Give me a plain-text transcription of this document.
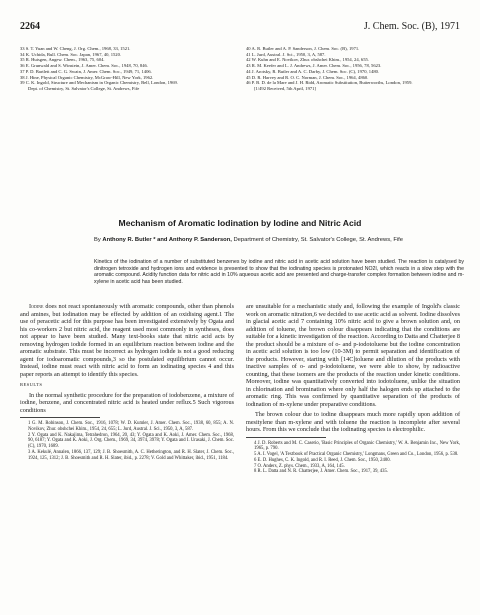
2264	J. Chem. Soc. (B), 1971
33 S. T. Yuan and W. Cheng, J. Org. Chem., 1968, 33, 1521.
34 K. Uchida, Bull. Chem. Soc. Japan, 1967, 40, 1520.
35 R. Huisgen, Angew. Chem., 1963, 75, 604.
36 E. Grunwald and S. Winstein, J. Amer. Chem. Soc., 1948, 70, 846.
37 P. D. Bartlett and C. G. Swain, J. Amer. Chem. Soc., 1949, 71, 1406.
38 J. Hine, Physical Organic Chemistry, McGraw-Hill, New York, 1962.
39 C. K. Ingold, Structure and Mechanism in Organic Chemistry, Bell, London, 1969.
Dept. of Chemistry, St. Salvator's College, St. Andrews, Fife
40 A. R. Butler and A. P. Sanderson, J. Chem. Soc. (B), 1971.
41 L. Jurd, Austral. J. Sci., 1950, 3, A, 587.
42 W. Kuhn and E. Novikov, Zhur. obshchei Khim., 1954, 24, 655.
43 R. M. Keefer and L. J. Andrews, J. Amer. Chem. Soc., 1956, 78, 5623.
44 J. Arotsky, R. Butler and A. C. Darby, J. Chem. Soc. (C), 1970, 1480.
45 D. R. Harvey and R. O. C. Norman, J. Chem. Soc., 1964, 4860.
46 P. B. D. de la Mare and J. H. Ridd, Aromatic Substitution, Butterworths, London, 1959.
[1/492 Received, 5th April, 1971]
Mechanism of Aromatic Iodination by Iodine and Nitric Acid
By Anthony R. Butler * and Anthony P. Sanderson, Department of Chemistry, St. Salvator's College, St. Andrews, Fife
Kinetics of the iodination of a number of substituted benzenes by iodine and nitric acid in acetic acid solution have been studied. The reaction is catalysed by dinitrogen tetroxide and hydrogen ions and evidence is presented to show that the iodinating species is protonated NO2I, which reacts in a slow step with the aromatic compound. Acidity function data for nitric acid in 10% aqueous acetic acid are presented and charge-transfer complex formation between iodine and m-xylene in acetic acid has been studied.

Iodine does not react spontaneously with aromatic compounds, other than phenols and amines, but iodination may be effected by addition of an oxidising agent.1 The use of peracetic acid for this purpose has been investigated extensively by Ogata and his co-workers 2 but nitric acid, the reagent used most commonly in syntheses, does not appear to have been studied. Many text-books state that nitric acid acts by removing hydrogen iodide formed in an equilibrium reaction between iodine and the aromatic substrate. This must be incorrect as hydrogen iodide is not a good reducing agent for iodoaromatic compounds,3 so the postulated equilibrium cannot occur. Instead, iodine must react with nitric acid to form an iodinating species 4 and this paper reports an attempt to identify this species.

RESULTS

In the normal synthetic procedure for the preparation of iodobenzene, a mixture of iodine, benzene, and concentrated nitric acid is heated under reflux.5 Such vigorous conditions

1 G. M. Robinson, J. Chem. Soc., 1916, 1078; W. D. Kumler, J. Amer. Chem. Soc., 1938, 60, 855; A. N. Novikov, Zhur. obshchei Khim., 1954, 24, 655; L. Jurd, Austral. J. Sci., 1950, 3, A, 587.
2 Y. Ogata and K. Nakajima, Tetrahedron, 1964, 20, 43; Y. Ogata and K. Aoki, J. Amer. Chem. Soc., 1968, 90, 6187; Y. Ogata and K. Aoki, J. Org. Chem., 1969, 34, 3974, 3978; Y. Ogata and I. Urasaki, J. Chem. Soc. (C), 1970, 1689.
3 A. Kekulé, Annalen, 1866, 137, 129; J. B. Shoesmith, A. C. Hetherington, and R. H. Slater, J. Chem. Soc., 1924, 125, 1312; J. B. Shoesmith and R. H. Slater, ibid., p. 2278; V. Gold and Whittaker, ibid., 1951, 1184.

are unsuitable for a mechanistic study and, following the example of Ingold's classic work on aromatic nitration,6 we decided to use acetic acid as solvent. Iodine dissolves in glacial acetic acid 7 containing 10% nitric acid to give a brown solution and, on addition of toluene, the brown colour disappears indicating that the conditions are suitable for a kinetic investigation of the reaction. According to Datta and Chatterjee 8 the product should be a mixture of o- and p-iodotoluene but the iodine concentration in acetic acid solution is too low (10-3M) to permit separation and identification of the products. However, starting with [14C]toluene and dilution of the products with inactive samples of o- and p-iodotoluene, we were able to show, by radioactive counting, that these isomers are the products of the reaction under kinetic conditions. Moreover, iodine was quantitatively converted into iodotoluene, unlike the situation in chlorination and bromination where only half the halogen ends up attached to the aromatic ring. This was confirmed by quantitative separation of the products of iodination of m-xylene under preparative conditions.

The brown colour due to iodine disappears much more rapidly upon addition of mesitylene than m-xylene and with toluene the reaction is incomplete after several hours. From this we conclude that the iodinating species is electrophilic.

4 J. D. Roberts and M. C. Caserio, 'Basic Principles of Organic Chemistry,' W. A. Benjamin Inc., New York, 1965, p. 790.
5 A. I. Vogel, 'A Textbook of Practical Organic Chemistry,' Longmans, Green and Co., London, 1956, p. 538.
6 E. D. Hughes, C. K. Ingold, and R. I. Reed, J. Chem. Soc., 1950, 2400.
7 O. Anders, Z. phys. Chem., 1933, A, 164, 145.
8 R. L. Datta and N. R. Chatterjee, J. Amer. Chem. Soc., 1917, 39, 435.
